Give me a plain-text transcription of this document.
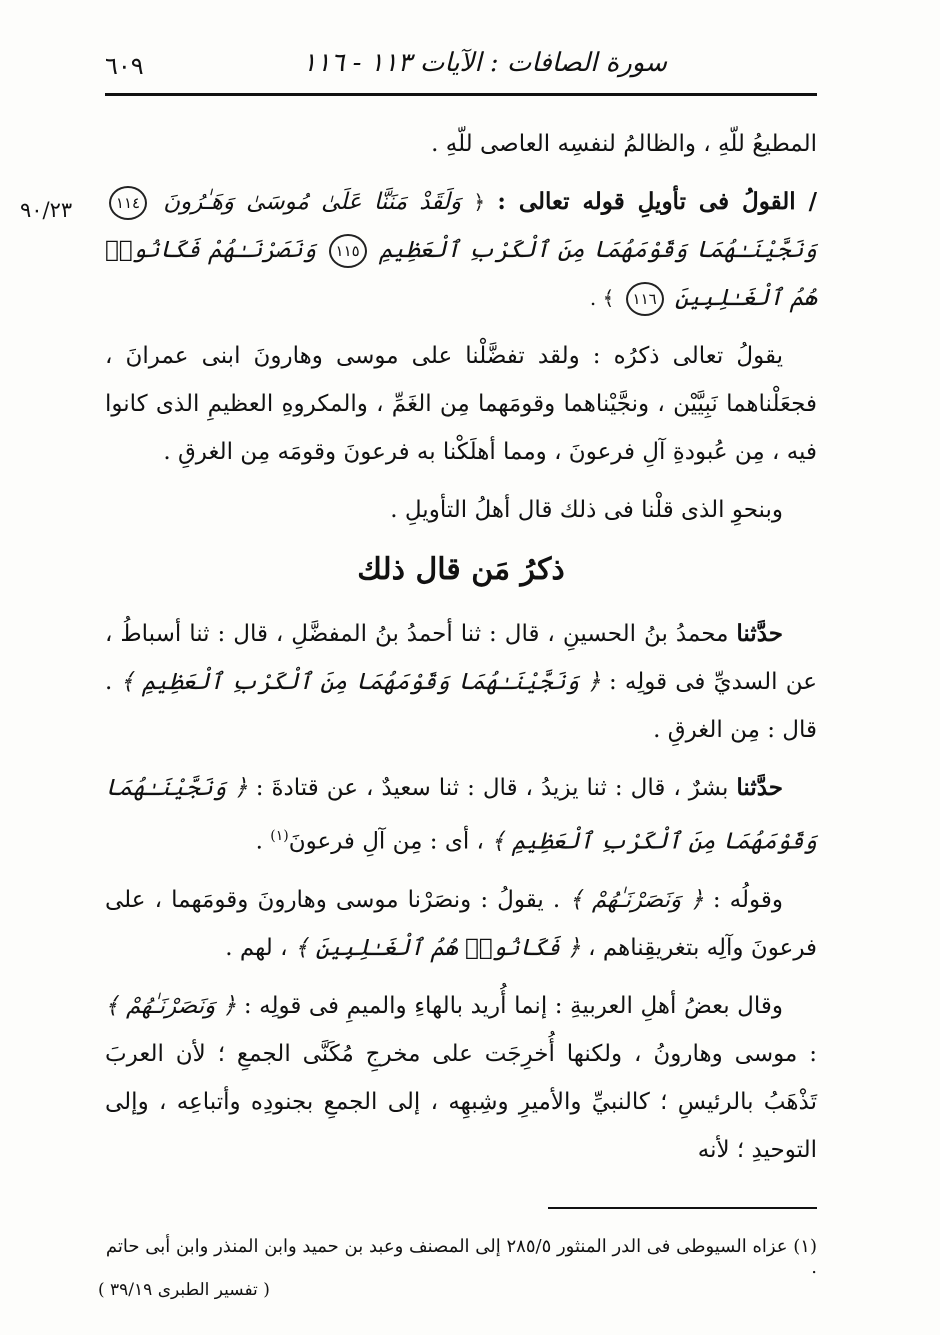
٦٠٩	سورة الصافات : الآيات ١١٣ - ١١٦
٩٠/٢٣

المطيعُ للّهِ ، والظالمُ لنفسِه العاصى للّهِ .

/ القولُ فى تأويلِ قوله تعالى : ﴿ وَلَقَدْ مَنَنَّا عَلَىٰ مُوسَىٰ وَهَـٰرُونَ ١١٤ وَنَجَّيْنَـٰهُمَا وَقَوْمَهُمَا مِنَ ٱلْكَرْبِ ٱلْعَظِيمِ ١١٥ وَنَصَرْنَـٰهُمْ فَكَانُوا۟ هُمُ ٱلْغَـٰلِبِينَ ١١٦ ﴾ .

يقولُ تعالى ذكرُه : ولقد تفضَّلْنا على موسى وهارونَ ابنى عمرانَ ، فجعَلْناهما نَبِيَّيْن ، ونجَّيْناهما وقومَهما مِن الغَمِّ ، والمكروهِ العظيمِ الذى كانوا فيه ، مِن عُبودةِ آلِ فرعونَ ، ومما أهلَكْنا به فرعونَ وقومَه مِن الغرقِ .

وبنحوِ الذى قلْنا فى ذلك قال أهلُ التأويلِ .

ذكرُ مَن قال ذلك

حدَّثنا محمدُ بنُ الحسينِ ، قال : ثنا أحمدُ بنُ المفضَّلِ ، قال : ثنا أسباطُ ، عن السديِّ فى قولِه : ﴿ وَنَجَّيْنَـٰهُمَا وَقَوْمَهُمَا مِنَ ٱلْكَرْبِ ٱلْعَظِيمِ ﴾ . قال : مِن الغرقِ .

حدَّثنا بشرٌ ، قال : ثنا يزيدُ ، قال : ثنا سعيدٌ ، عن قتادةَ : ﴿ وَنَجَّيْنَـٰهُمَا وَقَوْمَهُمَا مِنَ ٱلْكَرْبِ ٱلْعَظِيمِ ﴾ ، أى : مِن آلِ فرعونَ$^{(١)}$ .

وقولُه : ﴿ وَنَصَرْنَـٰهُمْ ﴾ . يقولُ : ونصَرْنا موسى وهارونَ وقومَهما ، على فرعونَ وآلِه بتغريقِناهم ، ﴿ فَكَانُوا۟ هُمُ ٱلْغَـٰلِبِينَ ﴾ ، لهم .

وقال بعضُ أهلِ العربيةِ : إنما أُريد بالهاءِ والميمِ فى قولِه : ﴿ وَنَصَرْنَـٰهُمْ ﴾ : موسى وهارونُ ، ولكنها أُخرِجَت على مخرجِ مُكَنَّى الجمعِ ؛ لأن العربَ تَذْهَبُ بالرئيسِ ؛ كالنبيِّ والأميرِ وشِبهِه ، إلى الجمعِ بجنودِه وأتباعِه ، وإلى التوحيدِ ؛ لأنه

(١) عزاه السيوطى فى الدر المنثور ٢٨٥/٥ إلى المصنف وعبد بن حميد وابن المنذر وابن أبى حاتم .
( تفسير الطبرى ٣٩/١٩ )
